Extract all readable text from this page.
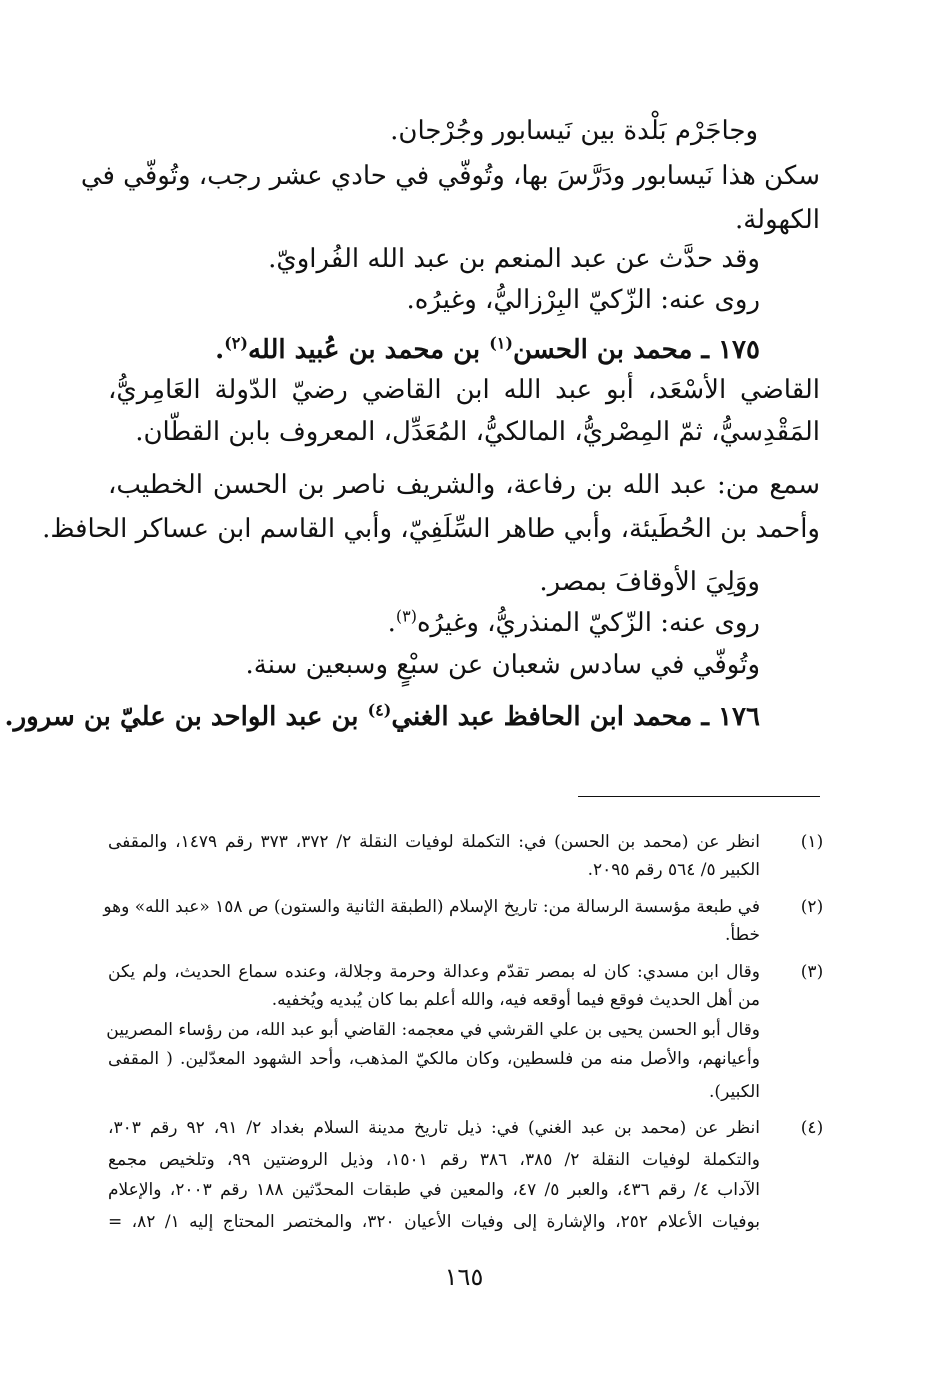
وجاجَرْم بَلْدة بين نَيسابور وجُرْجان.
سكن هذا نَيسابور ودَرَّسَ بها، وتُوفّي في حادي عشر رجب، وتُوفّي في
الكهولة.
وقد حدَّث عن عبد المنعم بن عبد الله الفُراويّ.
روى عنه: الزّكيّ البِرْزاليُّ، وغيرُه.
١٧٥ ـ محمد بن الحسن$^{(١)}$ بن محمد بن عُبيد الله$^{(٢)}$.
القاضي الأسْعَد، أبو عبد الله ابن القاضي رضيّ الدّولة العَامِريُّ،
المَقْدِسيُّ، ثمّ المِصْريُّ، المالكيُّ، المُعَدِّل، المعروف بابن القطّان.
سمع من: عبد الله بن رفاعة، والشريف ناصر بن الحسن الخطيب،
وأحمد بن الحُطَيئة، وأبي طاهر السِّلَفِيّ، وأبي القاسم ابن عساكر الحافظ.
ووَلِيَ الأوقافَ بمصر.
روى عنه: الزّكيّ المنذريُّ، وغيرُه$^{(٣)}$.
وتُوفّي في سادس شعبان عن سبْعٍ وسبعين سنة.
١٧٦ ـ محمد ابن الحافظ عبد الغني$^{(٤)}$ بن عبد الواحد بن عليّ بن سرور.
(١)
انظر عن (محمد بن الحسن) في: التكملة لوفيات النقلة ٢/ ٣٧٢، ٣٧٣ رقم ١٤٧٩، والمقفى
الكبير ٥/ ٥٦٤ رقم ٢٠٩٥.
(٢)
في طبعة مؤسسة الرسالة من: تاريخ الإسلام (الطبقة الثانية والستون) ص ١٥٨ «عبد الله» وهو
خطأ.
(٣)
وقال ابن مسدي: كان له بمصر تقدّم وعدالة وحرمة وجلالة، وعنده سماع الحديث، ولم يكن
من أهل الحديث فوقع فيما أوقعه فيه، والله أعلم بما كان يُبديه ويُخفيه.
وقال أبو الحسن يحيى بن علي القرشي في معجمه: القاضي أبو عبد الله، من رؤساء المصريين
وأعيانهم، والأصل منه من فلسطين، وكان مالكيّ المذهب، وأحد الشهود المعدّلين. ( المقفى
الكبير).
(٤)
انظر عن (محمد بن عبد الغني) في: ذيل تاريخ مدينة السلام بغداد ٢/ ٩١، ٩٢ رقم ٣٠٣،
والتكملة لوفيات النقلة ٢/ ٣٨٥، ٣٨٦ رقم ١٥٠١، وذيل الروضتين ٩٩، وتلخيص مجمع
الآداب ٤/ رقم ٤٣٦، والعبر ٥/ ٤٧، والمعين في طبقات المحدّثين ١٨٨ رقم ٢٠٠٣، والإعلام
بوفيات الأعلام ٢٥٢، والإشارة إلى وفيات الأعيان ٣٢٠، والمختصر المحتاج إليه ١/ ٨٢، =
١٦٥
